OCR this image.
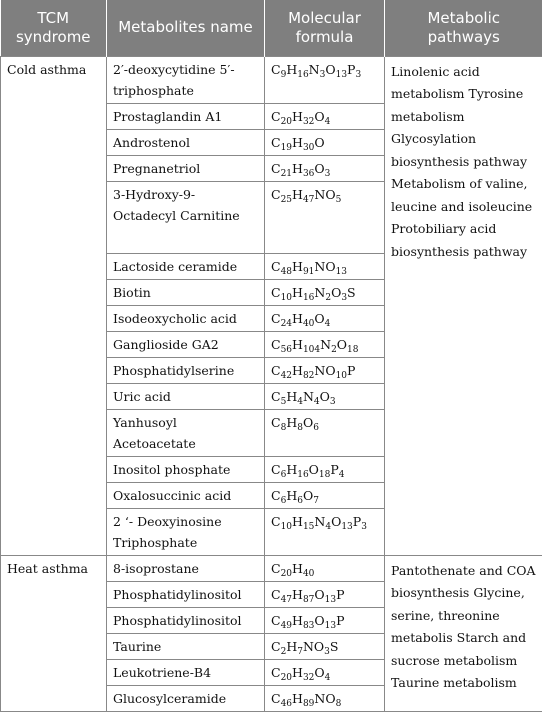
TCM syndrome	Metabolites name	Molecular formula	Metabolic pathways
Cold asthma	2′-deoxycytidine 5′-triphosphate	$C_9H_{16}N_3O_{13}P_3$	Linolenic acid metabolism Tyrosine metabolism Glycosylation biosynthesis pathway Metabolism of valine, leucine and isoleucine Protobiliary acid biosynthesis pathway
	Prostaglandin A1	$C_{20}H_{32}O_4$
	Androstenol	$C_{19}H_{30}O$	
	Pregnanetriol	$C_{21}H_{36}O_3$
	3-Hydroxy-9-Octadecyl Carnitine	$C_{25}H_{47}NO_5$
	Lactoside ceramide	$C_{48}H_{91}NO_{13}$
	Biotin	$C_{10}H_{16}N_2O_3S$	
	Isodeoxycholic acid	$C_{24}H_{40}O_4$
	Ganglioside GA2	$C_{56}H_{104}N_2O_{18}$
	Phosphatidylserine	$C_{42}H_{82}NO_{10}P$	
	Uric acid	$C_5H_4N_4O_3$
	Yanhusoyl Acetoacetate	$C_8H_8O_6$
	Inositol phosphate	$C_6H_{16}O_{18}P_4$
	Oxalosuccinic acid	$C_6H_6O_7$
	2 ‘- Deoxyinosine Triphosphate	$C_{10}H_{15}N_4O_{13}P_3$
Heat asthma	8-isoprostane	$C_{20}H_{40}$	Pantothenate and COA biosynthesis Glycine, serine, threonine metabolis Starch and sucrose metabolism Taurine metabolism
	Phosphatidylinositol	$C_{47}H_{87}O_{13}P$	
	Phosphatidylinositol	$C_{49}H_{83}O_{13}P$	
	Taurine	$C_2H_7NO_3S$	
	Leukotriene-B4	$C_{20}H_{32}O_4$
	Glucosylceramide	$C_{46}H_{89}NO_8$
